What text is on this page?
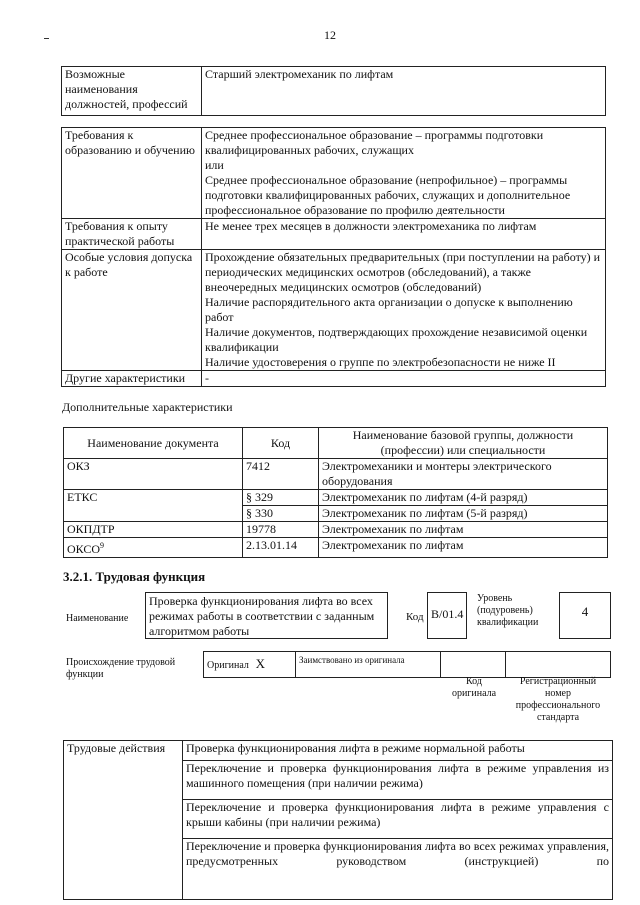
12
Возможные наименования должностей, профессий	Старший электромеханик по лифтам
Требования к образованию и обучению	Среднее профессиональное образование – программы подготовки квалифицированных рабочих, служащих
или
Среднее профессиональное образование (непрофильное) – программы подготовки квалифицированных рабочих, служащих и дополнительное профессиональное образование по профилю деятельности

Требования к опыту практической работы	Не менее трех месяцев в должности электромеханика по лифтам
Особые условия допуска к работе	Прохождение обязательных предварительных (при поступлении на работу) и периодических медицинских осмотров (обследований), а также внеочередных медицинских осмотров (обследований)
Наличие распорядительного акта организации о допуске к выполнению работ
Наличие документов, подтверждающих прохождение независимой оценки квалификации
Наличие удостоверения о группе по электробезопасности не ниже II

Другие характеристики	-
Дополнительные характеристики
Наименование документа	Код	Наименование базовой группы, должности (профессии) или специальности
ОКЗ	7412	Электромеханики и монтеры электрического оборудования
ЕТКС	§ 329	Электромеханик по лифтам (4-й разряд)
	§ 330	Электромеханик по лифтам (5-й разряд)
ОКПДТР	19778	Электромеханик по лифтам
ОКСО$^9$	2.13.01.14	Электромеханик по лифтам
3.2.1. Трудовая функция
Наименование
Проверка функционирования лифта во всех режимах работы в соответствии с заданным алгоритмом работы
Код B/01.4
Уровень (подуровень) квалификации
4
Происхождение трудовой функции
Оригинал X	Заимствовано из оригинала
Код оригинала
Регистрационный номер профессионального стандарта
Трудовые действия	Проверка функционирования лифта в режиме нормальной работы
Переключение и проверка функционирования лифта в режиме управления из машинного помещения (при наличии режима)
Переключение и проверка функционирования лифта в режиме управления с крыши кабины (при наличии режима)
Переключение и проверка функционирования лифта во всех режимах управления, предусмотренных руководством (инструкцией) по
